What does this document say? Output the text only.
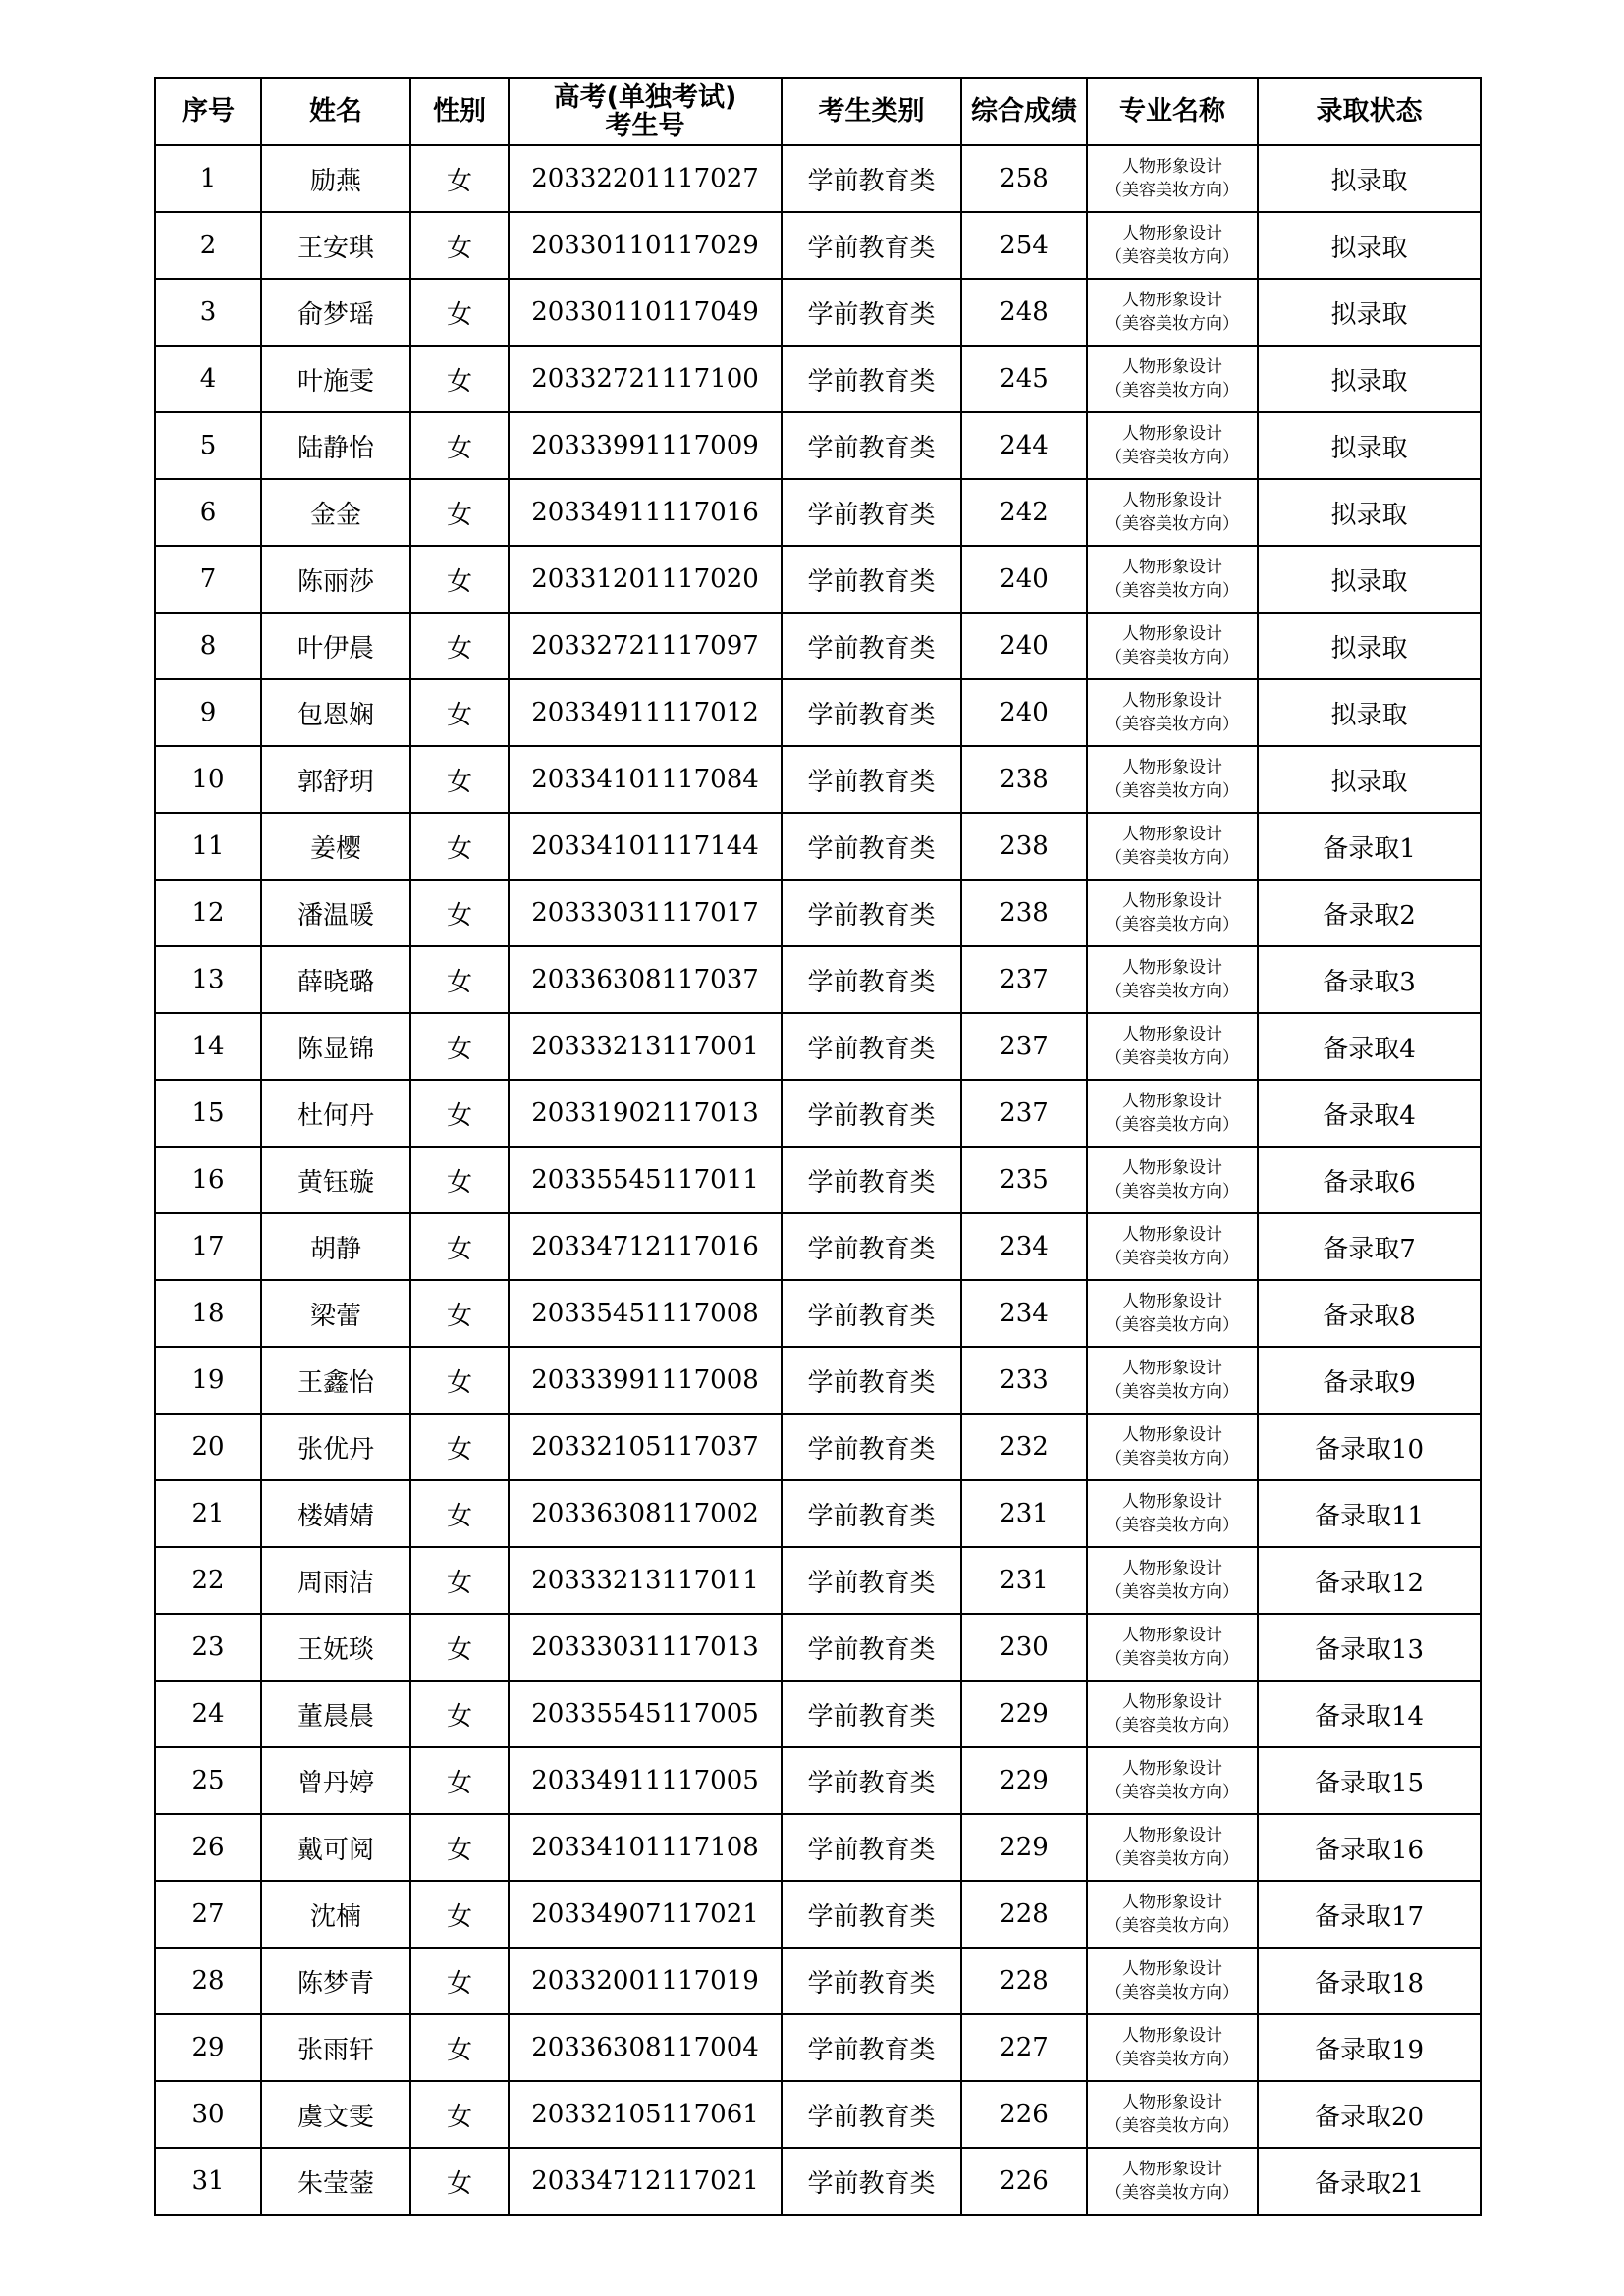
序号	姓名	性别	高考(单独考试)
考生号	考生类别	综合成绩	专业名称	录取状态
1	励燕	女	20332201117027	学前教育类	258	人物形象设计
（美容美妆方向）	拟录取
2	王安琪	女	20330110117029	学前教育类	254	人物形象设计
（美容美妆方向）	拟录取
3	俞梦瑶	女	20330110117049	学前教育类	248	人物形象设计
（美容美妆方向）	拟录取
4	叶施雯	女	20332721117100	学前教育类	245	人物形象设计
（美容美妆方向）	拟录取
5	陆静怡	女	20333991117009	学前教育类	244	人物形象设计
（美容美妆方向）	拟录取
6	金金	女	20334911117016	学前教育类	242	人物形象设计
（美容美妆方向）	拟录取
7	陈丽莎	女	20331201117020	学前教育类	240	人物形象设计
（美容美妆方向）	拟录取
8	叶伊晨	女	20332721117097	学前教育类	240	人物形象设计
（美容美妆方向）	拟录取
9	包恩娴	女	20334911117012	学前教育类	240	人物形象设计
（美容美妆方向）	拟录取
10	郭舒玥	女	20334101117084	学前教育类	238	人物形象设计
（美容美妆方向）	拟录取
11	姜樱	女	20334101117144	学前教育类	238	人物形象设计
（美容美妆方向）	备录取1
12	潘温暖	女	20333031117017	学前教育类	238	人物形象设计
（美容美妆方向）	备录取2
13	薛晓璐	女	20336308117037	学前教育类	237	人物形象设计
（美容美妆方向）	备录取3
14	陈显锦	女	20333213117001	学前教育类	237	人物形象设计
（美容美妆方向）	备录取4
15	杜何丹	女	20331902117013	学前教育类	237	人物形象设计
（美容美妆方向）	备录取4
16	黄钰璇	女	20335545117011	学前教育类	235	人物形象设计
（美容美妆方向）	备录取6
17	胡静	女	20334712117016	学前教育类	234	人物形象设计
（美容美妆方向）	备录取7
18	梁蕾	女	20335451117008	学前教育类	234	人物形象设计
（美容美妆方向）	备录取8
19	王鑫怡	女	20333991117008	学前教育类	233	人物形象设计
（美容美妆方向）	备录取9
20	张优丹	女	20332105117037	学前教育类	232	人物形象设计
（美容美妆方向）	备录取10
21	楼婧婧	女	20336308117002	学前教育类	231	人物形象设计
（美容美妆方向）	备录取11
22	周雨洁	女	20333213117011	学前教育类	231	人物形象设计
（美容美妆方向）	备录取12
23	王妩琰	女	20333031117013	学前教育类	230	人物形象设计
（美容美妆方向）	备录取13
24	董晨晨	女	20335545117005	学前教育类	229	人物形象设计
（美容美妆方向）	备录取14
25	曾丹婷	女	20334911117005	学前教育类	229	人物形象设计
（美容美妆方向）	备录取15
26	戴可阅	女	20334101117108	学前教育类	229	人物形象设计
（美容美妆方向）	备录取16
27	沈楠	女	20334907117021	学前教育类	228	人物形象设计
（美容美妆方向）	备录取17
28	陈梦青	女	20332001117019	学前教育类	228	人物形象设计
（美容美妆方向）	备录取18
29	张雨轩	女	20336308117004	学前教育类	227	人物形象设计
（美容美妆方向）	备录取19
30	虞文雯	女	20332105117061	学前教育类	226	人物形象设计
（美容美妆方向）	备录取20
31	朱莹蓥	女	20334712117021	学前教育类	226	人物形象设计
（美容美妆方向）	备录取21
